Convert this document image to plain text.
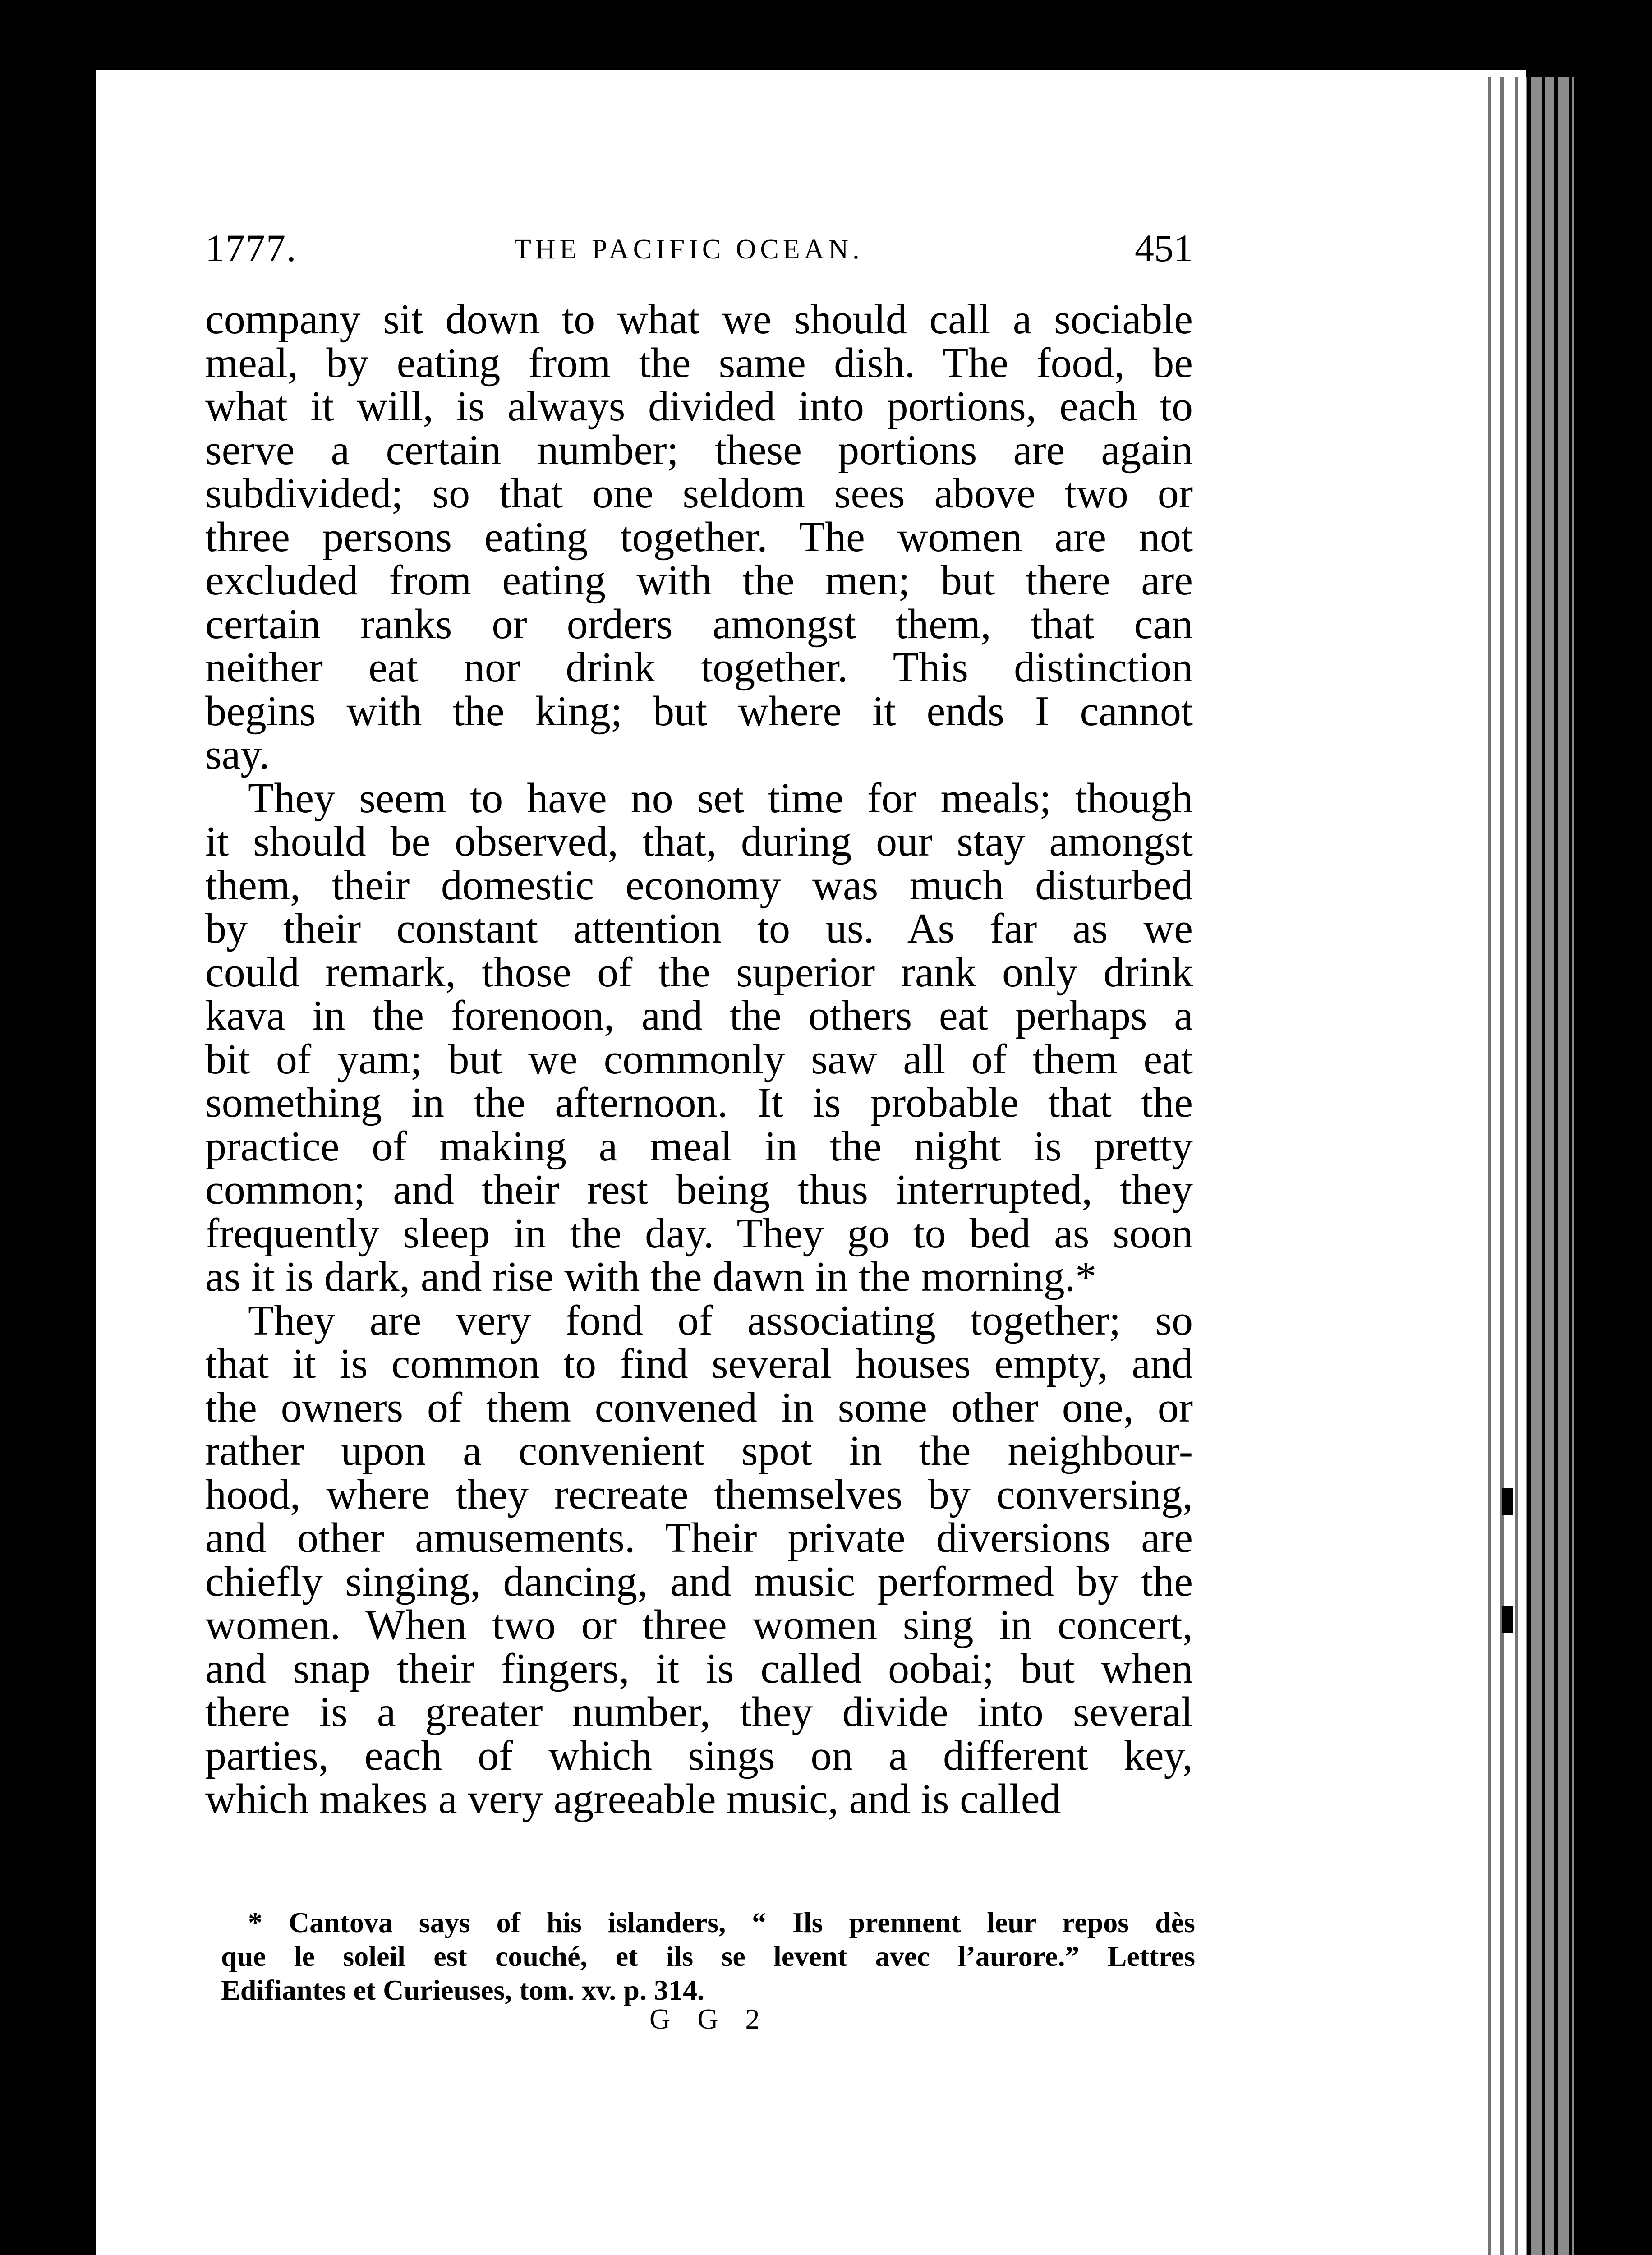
1777.	THE PACIFIC OCEAN.	451
company sit down to what we should call a sociable
meal, by eating from the same dish. The food, be
what it will, is always divided into portions, each to
serve a certain number; these portions are again
subdivided; so that one seldom sees above two or
three persons eating together. The women are not
excluded from eating with the men; but there are
certain ranks or orders amongst them, that can
neither eat nor drink together. This distinction
begins with the king; but where it ends I cannot
say.
They seem to have no set time for meals; though
it should be observed, that, during our stay amongst
them, their domestic economy was much disturbed
by their constant attention to us. As far as we
could remark, those of the superior rank only drink
kava in the forenoon, and the others eat perhaps a
bit of yam; but we commonly saw all of them eat
something in the afternoon. It is probable that the
practice of making a meal in the night is pretty
common; and their rest being thus interrupted, they
frequently sleep in the day. They go to bed as soon
as it is dark, and rise with the dawn in the morning.*
They are very fond of associating together; so
that it is common to find several houses empty, and
the owners of them convened in some other one, or
rather upon a convenient spot in the neighbour-
hood, where they recreate themselves by conversing,
and other amusements. Their private diversions are
chiefly singing, dancing, and music performed by the
women. When two or three women sing in concert,
and snap their fingers, it is called oobai; but when
there is a greater number, they divide into several
parties, each of which sings on a different key,
which makes a very agreeable music, and is called
* Cantova says of his islanders, “ Ils prennent leur repos dès
que le soleil est couché, et ils se levent avec l’aurore.” Lettres
Edifiantes et Curieuses, tom. xv. p. 314.
G G 2
